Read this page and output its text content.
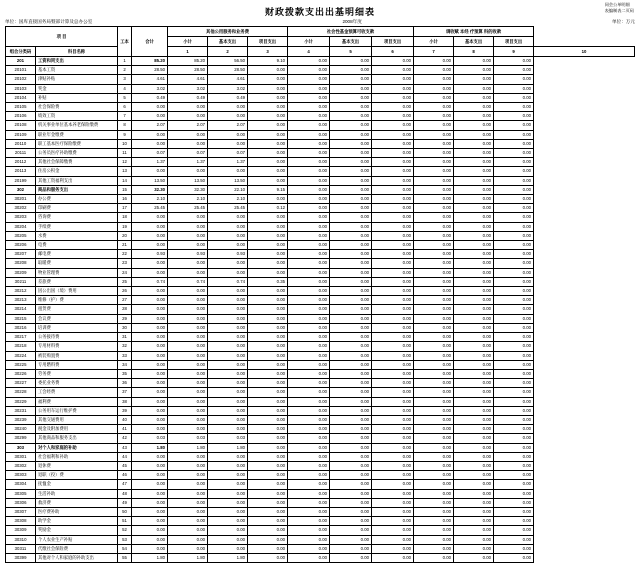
同会公单明细
表编制表二页码
财政拨款支出出基明细表
单位：国库直接国务局暨部计算及总办公室	2008年度	单位：万元
项 目		工本	合计	其他公用服务和业务费			社会性基金预算可收支款			调收赋 本经 疗预算 科的收款			
				小计	基本支出	项目支出	小计	基本支出	项目支出	小计	基本支出	项目支出	
组合分类码	科目名称			1	2	3	4	5	6	7	8	9	10
201	工资和同支出	1	85.20	85.20	56.50	9.10	0.00	0.00	0.00	0.00	0.00	0.00	
20101	基本工资	2	28.50	28.50	28.50	0.00	0.00	0.00	0.00	0.00	0.00	0.00	
20102	津贴补贴	3	4.61	4.61	4.61	0.00	0.00	0.00	0.00	0.00	0.00	0.00	
20103	奖金	4	3.02	3.02	3.02	0.00	0.00	0.00	0.00	0.00	0.00	0.00	
20104	补贴	5	0.49	0.49	0.49	0.00	0.00	0.00	0.00	0.00	0.00	0.00	
20105	社会保险费	6	0.00	0.00	0.00	0.00	0.00	0.00	0.00	0.00	0.00	0.00	
20106	绩效工资	7	0.00	0.00	0.00	0.00	0.00	0.00	0.00	0.00	0.00	0.00	
20108	机关事业单位基本养老保险缴费	8	2.07	2.07	2.07	0.00	0.00	0.00	0.00	0.00	0.00	0.00	
20109	职业年金缴费	9	0.00	0.00	0.00	0.00	0.00	0.00	0.00	0.00	0.00	0.00	
20110	职工基本医疗保险缴费	10	0.00	0.00	0.00	0.00	0.00	0.00	0.00	0.00	0.00	0.00	
20111	公务员医疗补助缴费	11	0.07	0.07	0.07	0.00	0.00	0.00	0.00	0.00	0.00	0.00	
20112	其他社会保障缴费	12	1.37	1.37	1.37	0.00	0.00	0.00	0.00	0.00	0.00	0.00	
20113	住房公积金	13	0.00	0.00	0.00	0.00	0.00	0.00	0.00	0.00	0.00	0.00	
20199	其他工资福利支出	14	13.50	13.50	13.50	0.00	0.00	0.00	0.00	0.00	0.00	0.00	
302	商品和服务支出	15	32.30	32.30	22.10	9.15	0.00	0.00	0.00	0.00	0.00	0.00	
30201	办公费	16	2.10	2.10	2.10	0.00	0.00	0.00	0.00	0.00	0.00	0.00	
30202	印刷费	17	25.45	25.45	25.45	0.12	0.00	0.00	0.00	0.00	0.00	0.00	
30203	咨询费	18	0.00	0.00	0.00	0.00	0.00	0.00	0.00	0.00	0.00	0.00	
30204	手续费	19	0.00	0.00	0.00	0.00	0.00	0.00	0.00	0.00	0.00	0.00	
30205	水费	20	0.00	0.00	0.00	0.00	0.00	0.00	0.00	0.00	0.00	0.00	
30206	电费	21	0.00	0.00	0.00	0.00	0.00	0.00	0.00	0.00	0.00	0.00	
30207	邮电费	22	0.93	0.93	0.93	0.00	0.00	0.00	0.00	0.00	0.00	0.00	
30208	取暖费	23	0.00	0.00	0.00	0.00	0.00	0.00	0.00	0.00	0.00	0.00	
30209	物业管理费	24	0.00	0.00	0.00	0.00	0.00	0.00	0.00	0.00	0.00	0.00	
30211	差旅费	25	0.74	0.74	0.74	0.35	0.00	0.00	0.00	0.00	0.00	0.00	
30212	因公出国（境）费用	26	0.00	0.00	0.00	0.00	0.00	0.00	0.00	0.00	0.00	0.00	
30213	维修（护）费	27	0.00	0.00	0.00	0.00	0.00	0.00	0.00	0.00	0.00	0.00	
30214	租赁费	28	0.00	0.00	0.00	0.00	0.00	0.00	0.00	0.00	0.00	0.00	
30215	会议费	29	0.00	0.00	0.00	0.00	0.00	0.00	0.00	0.00	0.00	0.00	
30216	培训费	30	0.00	0.00	0.00	0.00	0.00	0.00	0.00	0.00	0.00	0.00	
30217	公务接待费	31	0.00	0.00	0.00	0.00	0.00	0.00	0.00	0.00	0.00	0.00	
30218	专用材料费	32	0.00	0.00	0.00	0.00	0.00	0.00	0.00	0.00	0.00	0.00	
30224	被装购置费	33	0.00	0.00	0.00	0.00	0.00	0.00	0.00	0.00	0.00	0.00	
30225	专用燃料费	34	0.00	0.00	0.00	0.00	0.00	0.00	0.00	0.00	0.00	0.00	
30226	劳务费	35	0.00	0.00	0.00	0.00	0.00	0.00	0.00	0.00	0.00	0.00	
30227	委托业务费	36	0.00	0.00	0.00	0.00	0.00	0.00	0.00	0.00	0.00	0.00	
30228	工会经费	37	0.00	0.00	0.00	0.00	0.00	0.00	0.00	0.00	0.00	0.00	
30229	福利费	38	0.00	0.00	0.00	0.00	0.00	0.00	0.00	0.00	0.00	0.00	
30231	公务用车运行维护费	39	0.00	0.00	0.00	0.00	0.00	0.00	0.00	0.00	0.00	0.00	
30239	其他交通费用	40	0.00	0.00	0.00	0.00	0.00	0.00	0.00	0.00	0.00	0.00	
30240	税金及附加费用	41	0.00	0.00	0.00	0.00	0.00	0.00	0.00	0.00	0.00	0.00	
30299	其他商品和服务支出	42	0.03	0.03	0.03	0.00	0.00	0.00	0.00	0.00	0.00	0.00	
303	对个人和家庭的补助	43	1.80	1.80	1.80	0.00	0.00	0.00	0.00	0.00	0.00	0.00	
30301	社会福利和补助	44	0.00	0.00	0.00	0.00	0.00	0.00	0.00	0.00	0.00	0.00	
30302	退休费	45	0.00	0.00	0.00	0.00	0.00	0.00	0.00	0.00	0.00	0.00	
30303	退职（役）费	46	0.00	0.00	0.00	0.00	0.00	0.00	0.00	0.00	0.00	0.00	
30304	抚恤金	47	0.00	0.00	0.00	0.00	0.00	0.00	0.00	0.00	0.00	0.00	
30305	生活补助	48	0.00	0.00	0.00	0.00	0.00	0.00	0.00	0.00	0.00	0.00	
30306	救济费	49	0.00	0.00	0.00	0.00	0.00	0.00	0.00	0.00	0.00	0.00	
30307	医疗费补助	50	0.00	0.00	0.00	0.00	0.00	0.00	0.00	0.00	0.00	0.00	
30308	助学金	51	0.00	0.00	0.00	0.00	0.00	0.00	0.00	0.00	0.00	0.00	
30309	奖励金	52	0.00	0.00	0.00	0.00	0.00	0.00	0.00	0.00	0.00	0.00	
30310	个人农业生产补贴	53	0.00	0.00	0.00	0.00	0.00	0.00	0.00	0.00	0.00	0.00	
30311	代缴社会保险费	54	0.00	0.00	0.00	0.00	0.00	0.00	0.00	0.00	0.00	0.00	
30399	其他对个人和家庭的补助支出	55	1.80	1.80	1.80	0.00	0.00	0.00	0.00	0.00	0.00	0.00	
